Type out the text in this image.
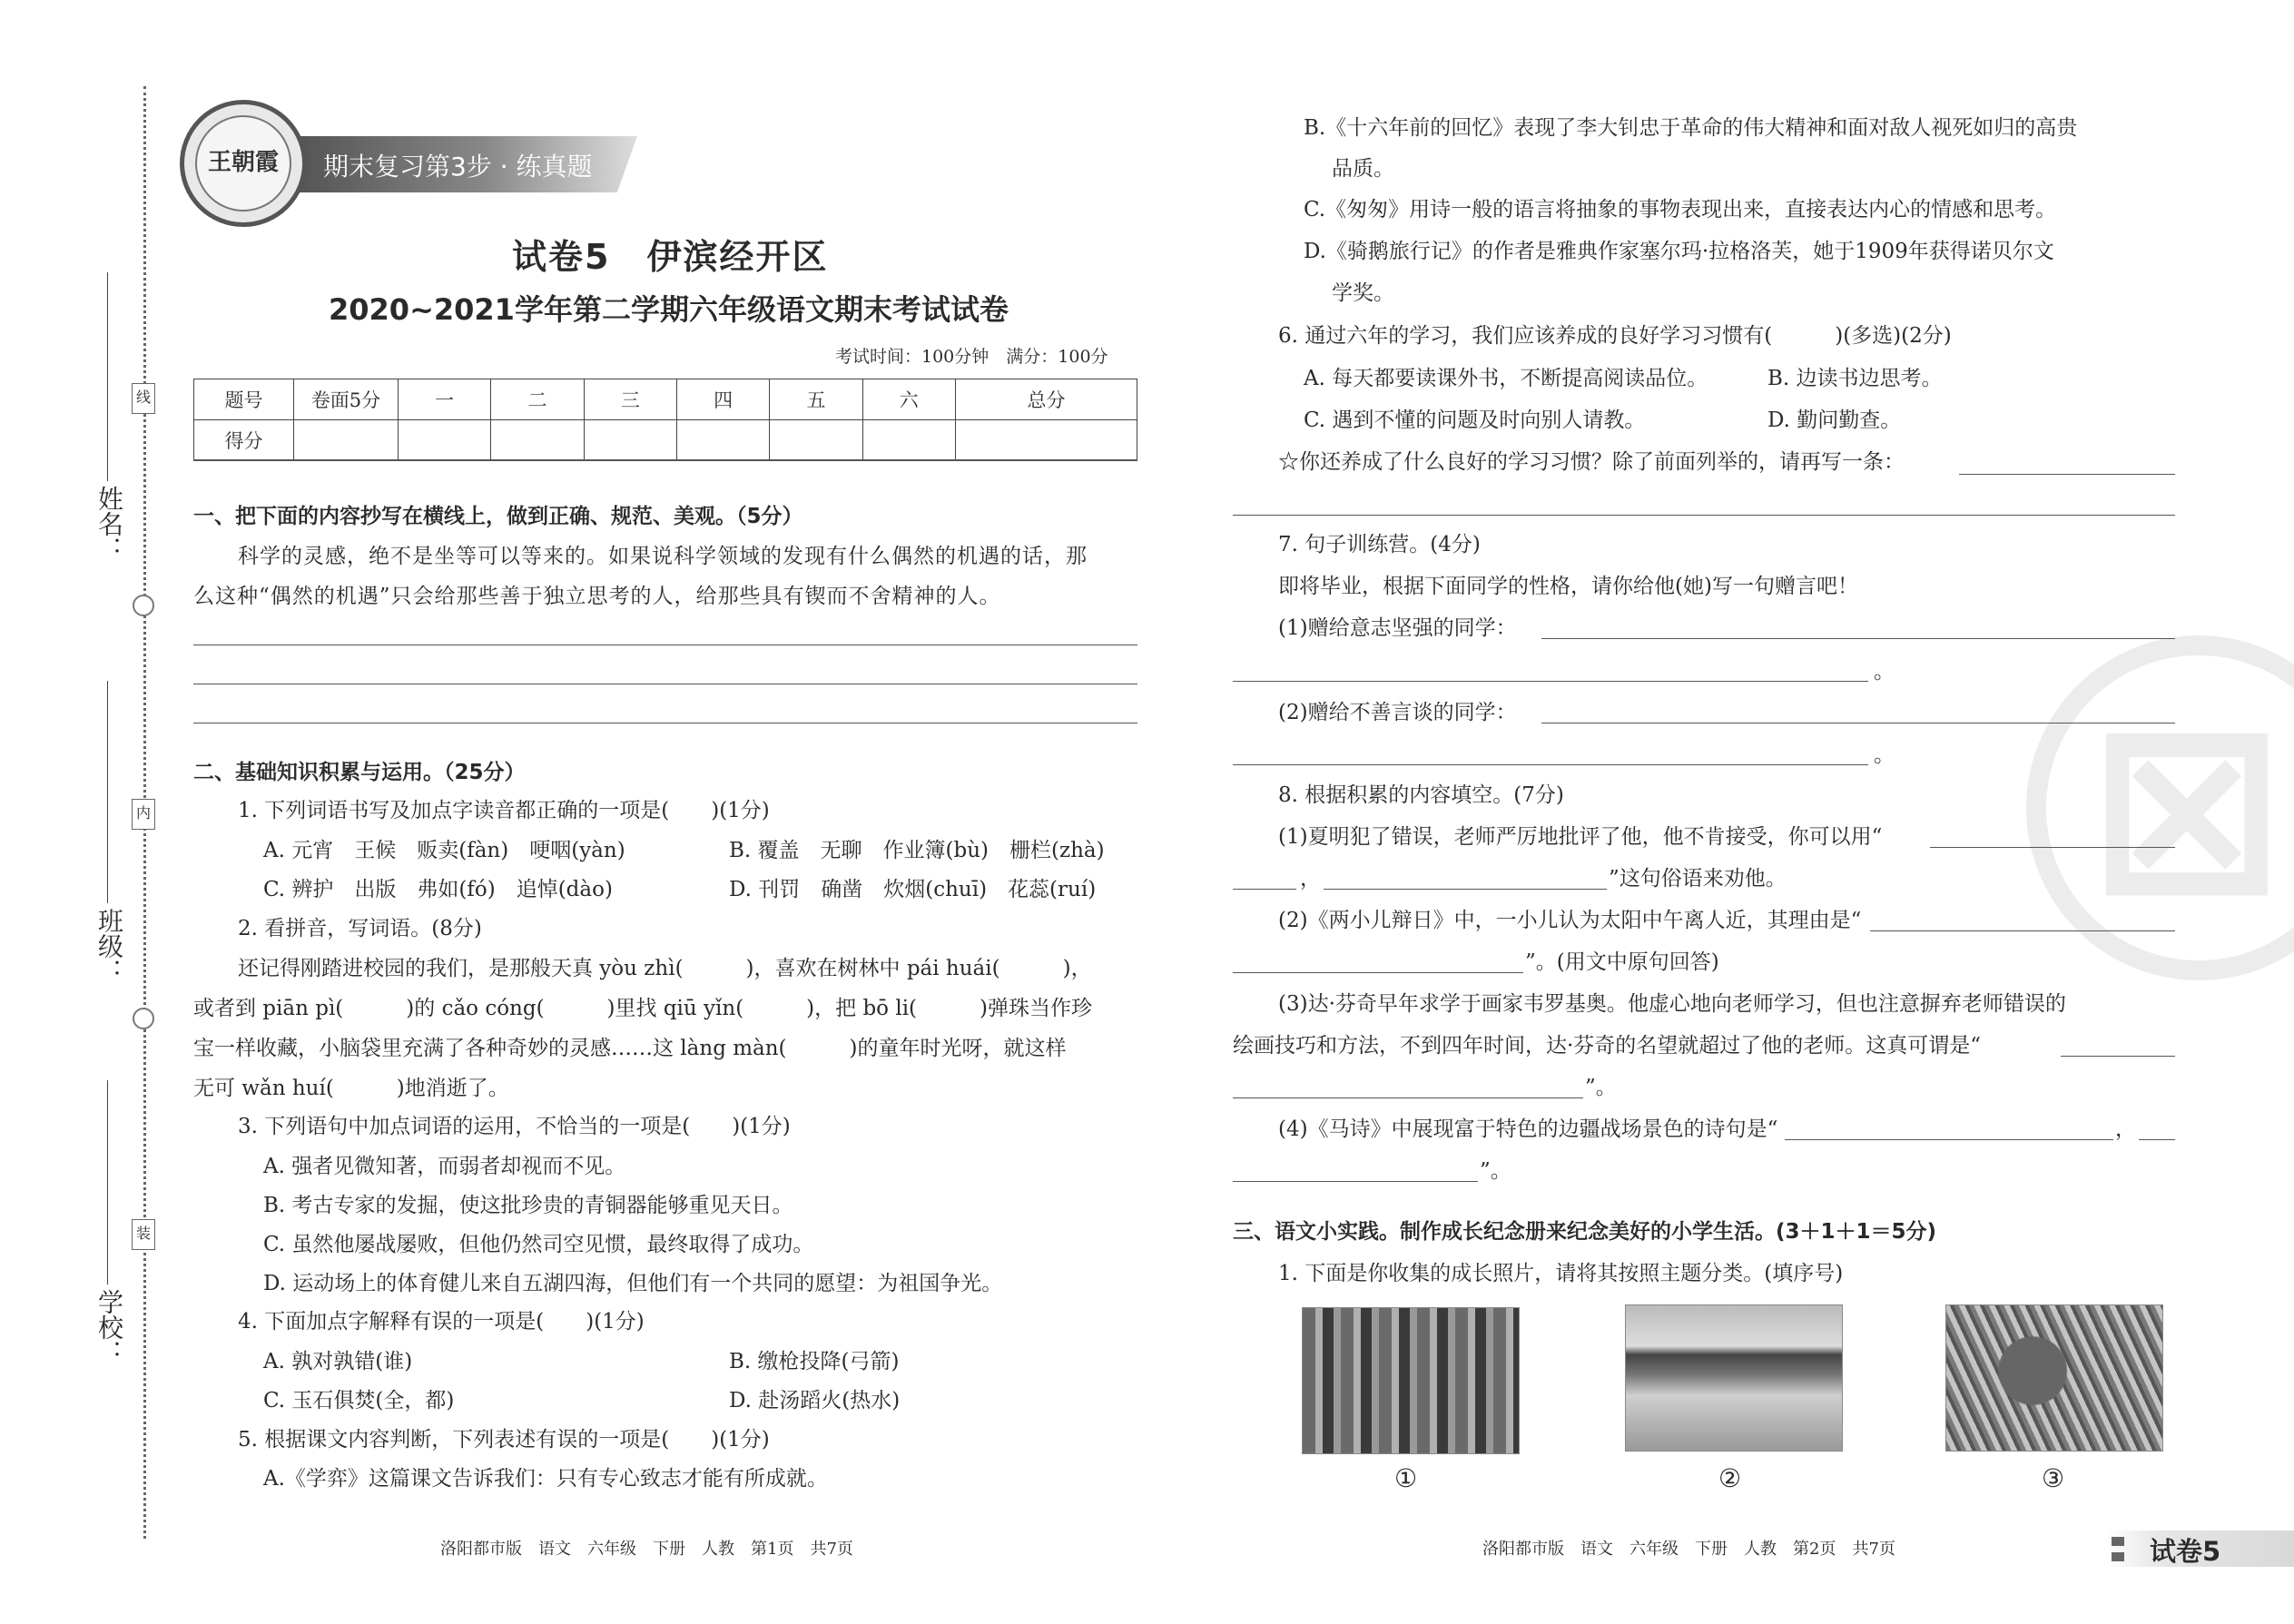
⊠
姓名：
班级：
学校：
线
内
装
期末复习第3步 · 练真题
王朝霞
试卷5　伊滨经开区
2020~2021学年第二学期六年级语文期末考试试卷
考试时间：100分钟　满分：100分
题号	卷面5分	一	二	三	四	五	六	总分
得分								
一、把下面的内容抄写在横线上，做到正确、规范、美观。（5分）
科学的灵感，绝不是坐等可以等来的。如果说科学领域的发现有什么偶然的机遇的话，那
么这种“偶然的机遇”只会给那些善于独立思考的人，给那些具有锲而不舍精神的人。
二、基础知识积累与运用。（25分）
1. 下列词语书写及加点字读音都正确的一项是(　　)(1分)
A. 元宵　王候　贩卖(fàn)　哽咽(yàn)	B. 覆盖　无聊　作业簿(bù)　栅栏(zhà)
C. 辨护　出版　弗如(fó)　追悼(dào)	D. 刊罚　确凿　炊烟(chuī)　花蕊(ruí)
2. 看拼音，写词语。(8分)
还记得刚踏进校园的我们，是那般天真 yòu zhì(　　　)，喜欢在树林中 pái huái(　　　)，
或者到 piān pì(　　　)的 cǎo cóng(　　　)里找 qiū yǐn(　　　)，把 bō li(　　　)弹珠当作珍
宝一样收藏，小脑袋里充满了各种奇妙的灵感……这 làng màn(　　　)的童年时光呀，就这样
无可 wǎn huí(　　　)地消逝了。
3. 下列语句中加点词语的运用，不恰当的一项是(　　)(1分)
A. 强者见微知著，而弱者却视而不见。
B. 考古专家的发掘，使这批珍贵的青铜器能够重见天日。
C. 虽然他屡战屡败，但他仍然司空见惯，最终取得了成功。
D. 运动场上的体育健儿来自五湖四海，但他们有一个共同的愿望：为祖国争光。
4. 下面加点字解释有误的一项是(　　)(1分)
A. 孰对孰错(谁)	B. 缴枪投降(弓箭)
C. 玉石俱焚(全，都)	D. 赴汤蹈火(热水)
5. 根据课文内容判断，下列表述有误的一项是(　　)(1分)
A.《学弈》这篇课文告诉我们：只有专心致志才能有所成就。
洛阳都市版　语文　六年级　下册　人教　第1页　共7页
B.《十六年前的回忆》表现了李大钊忠于革命的伟大精神和面对敌人视死如归的高贵
品质。
C.《匆匆》用诗一般的语言将抽象的事物表现出来，直接表达内心的情感和思考。
D.《骑鹅旅行记》的作者是雅典作家塞尔玛·拉格洛芙，她于1909年获得诺贝尔文
学奖。
6. 通过六年的学习，我们应该养成的良好学习习惯有(　　　)(多选)(2分)
A. 每天都要读课外书，不断提高阅读品位。	B. 边读书边思考。
C. 遇到不懂的问题及时向别人请教。	D. 勤问勤查。
☆你还养成了什么良好的学习习惯？除了前面列举的，请再写一条：
7. 句子训练营。(4分)
即将毕业，根据下面同学的性格，请你给他(她)写一句赠言吧！
(1)赠给意志坚强的同学：
。
(2)赠给不善言谈的同学：
。
8. 根据积累的内容填空。(7分)
(1)夏明犯了错误，老师严厉地批评了他，他不肯接受，你可以用“
，	”这句俗语来劝他。
(2)《两小儿辩日》中，一小儿认为太阳中午离人近，其理由是“
”。(用文中原句回答)
(3)达·芬奇早年求学于画家韦罗基奥。他虚心地向老师学习，但也注意摒弃老师错误的
绘画技巧和方法，不到四年时间，达·芬奇的名望就超过了他的老师。这真可谓是“
”。
(4)《马诗》中展现富于特色的边疆战场景色的诗句是“	，
”。
三、语文小实践。制作成长纪念册来纪念美好的小学生活。(3＋1＋1＝5分)
1. 下面是你收集的成长照片，请将其按照主题分类。(填序号)
①	②	③
洛阳都市版　语文　六年级　下册　人教　第2页　共7页	试卷5
